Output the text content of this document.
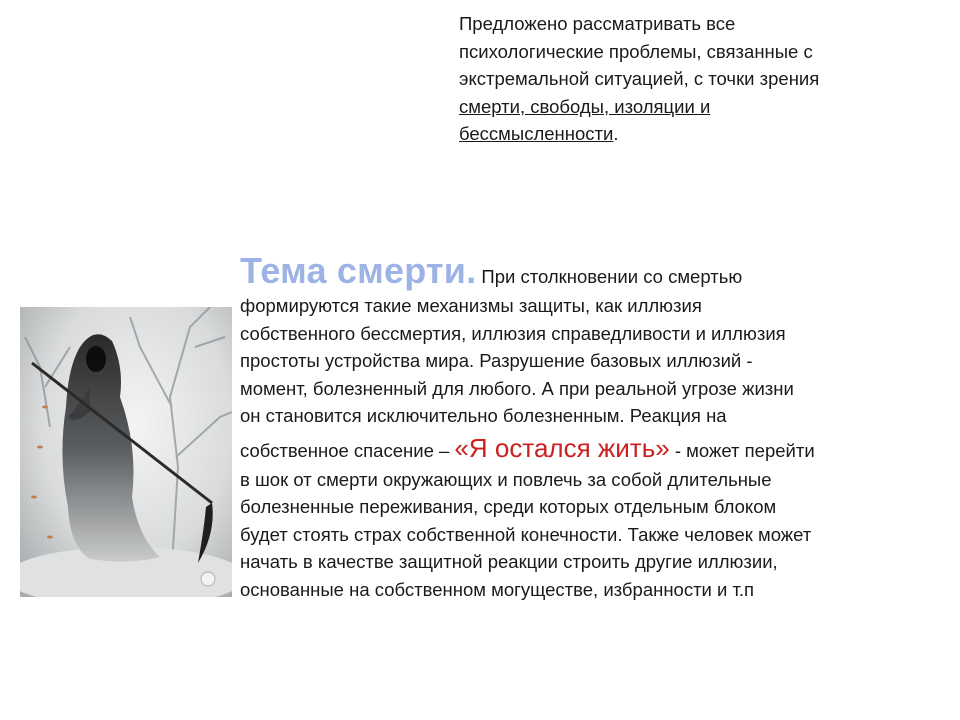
Предложено рассматривать все
психологические проблемы, связанные с
экстремальной ситуацией, с точки зрения
смерти, свободы, изоляции и
бессмысленности.
Тема смерти. При столкновении со смертью
формируются такие механизмы защиты, как иллюзия
собственного бессмертия, иллюзия справедливости и иллюзия
простоты устройства мира. Разрушение базовых иллюзий -
момент, болезненный для любого. А при реальной угрозе жизни
он становится исключительно болезненным. Реакция на
собственное спасение – «Я остался жить» - может перейти
в шок от смерти окружающих и повлечь за собой длительные
болезненные переживания, среди которых отдельным блоком
будет стоять страх собственной конечности. Также человек может
начать в качестве защитной реакции строить другие иллюзии,
основанные на собственном могуществе, избранности и т.п
